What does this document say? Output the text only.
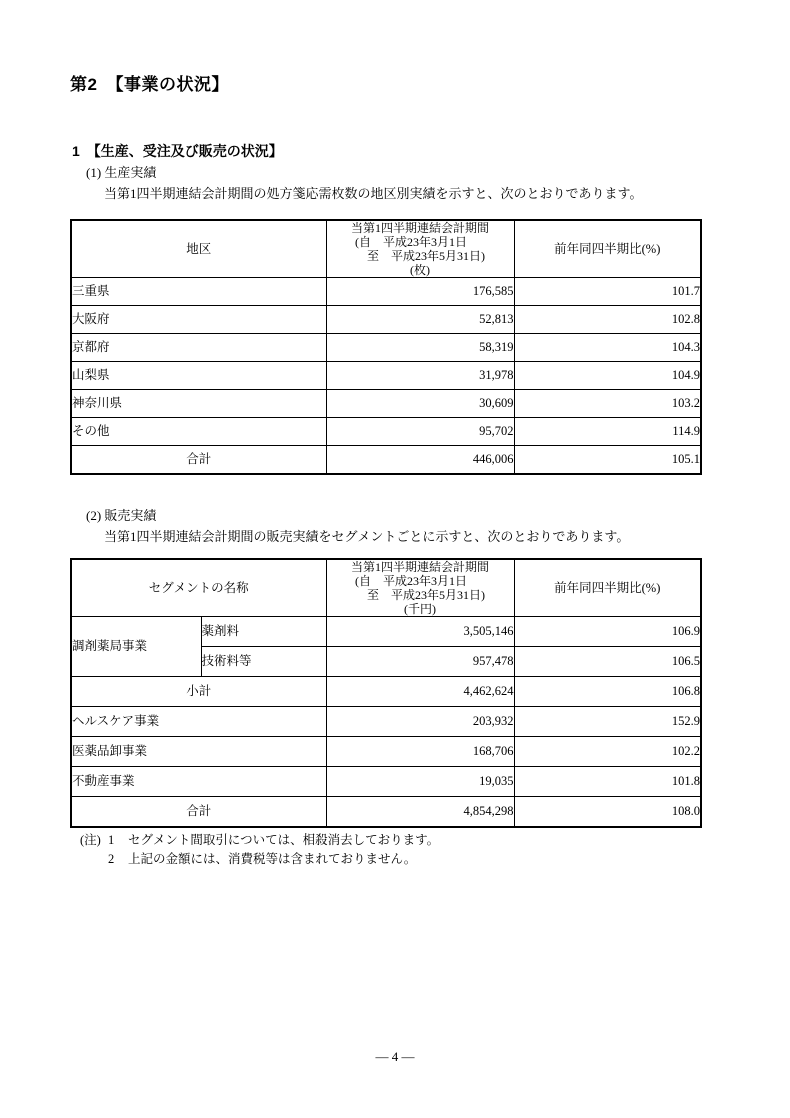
第2　【事業の状況】
1　【生産、受注及び販売の状況】
(1) 生産実績
当第1四半期連結会計期間の処方箋応需枚数の地区別実績を示すと、次のとおりであります。
地区	当第1四半期連結会計期間
(自　平成23年3月1日
　至　平成23年5月31日)
(枚)	前年同四半期比(%)
三重県	176,585	101.7
大阪府	52,813	102.8
京都府	58,319	104.3
山梨県	31,978	104.9
神奈川県	30,609	103.2
その他	95,702	114.9
合計	446,006	105.1
(2) 販売実績
当第1四半期連結会計期間の販売実績をセグメントごとに示すと、次のとおりであります。
セグメントの名称		当第1四半期連結会計期間
(自　平成23年3月1日
　至　平成23年5月31日)
(千円)	前年同四半期比(%)
調剤薬局事業	薬剤料	3,505,146	106.9
	技術料等	957,478	106.5
小計		4,462,624	106.8
ヘルスケア事業		203,932	152.9
医薬品卸事業		168,706	102.2
不動産事業		19,035	101.8
合計		4,854,298	108.0
(注) 1	セグメント間取引については、相殺消去しております。
2	上記の金額には、消費税等は含まれておりません。
― 4 ―
